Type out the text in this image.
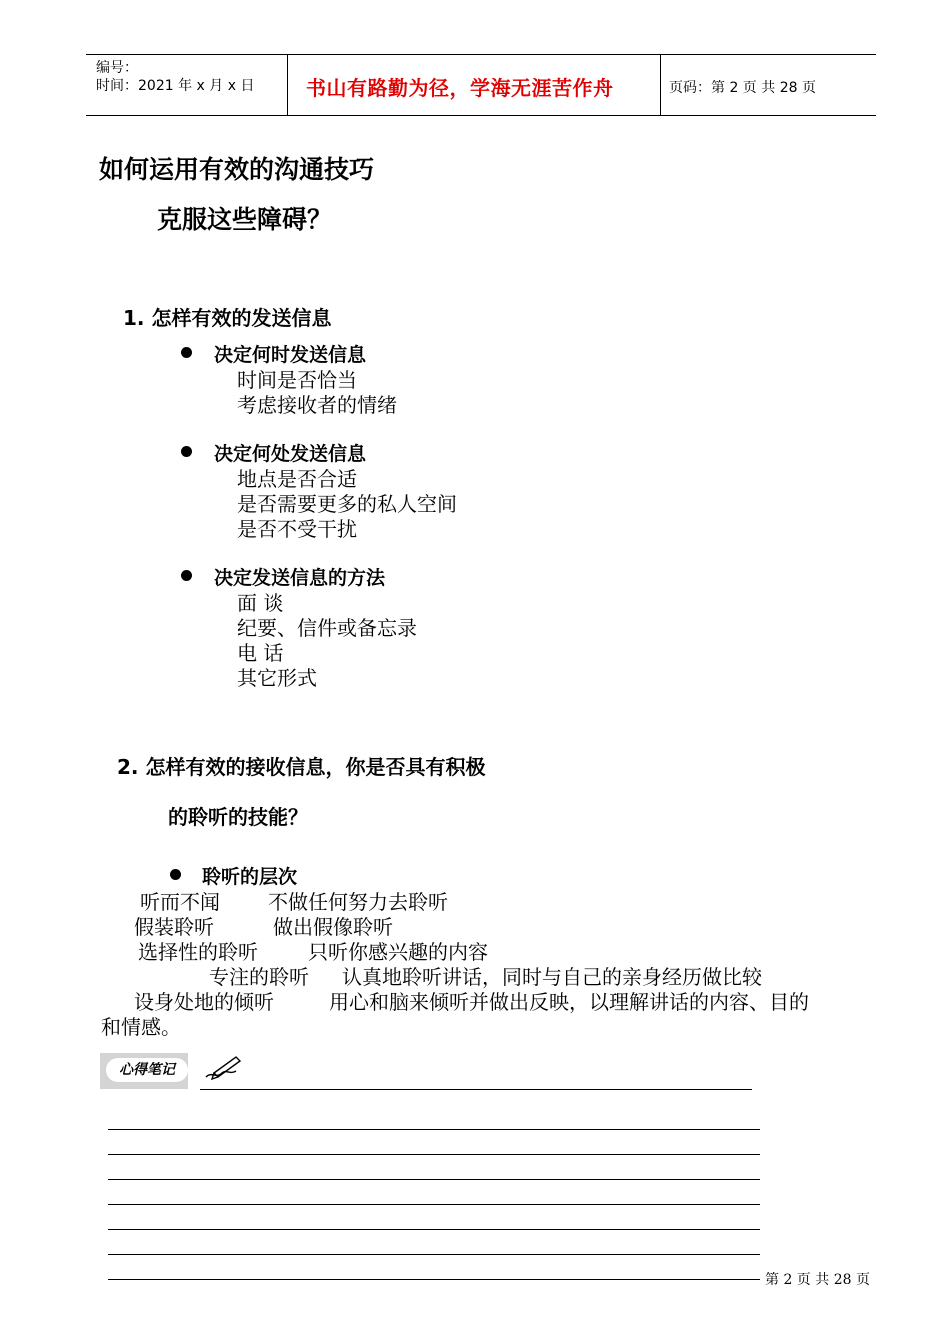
编号：
时间：2021 年 x 月 x 日	书山有路勤为径，学海无涯苦作舟	页码：第 2 页 共 28 页
如何运用有效的沟通技巧
克服这些障碍？
1. 怎样有效的发送信息
决定何时发送信息
时间是否恰当
考虑接收者的情绪
决定何处发送信息
地点是否合适
是否需要更多的私人空间
是否不受干扰
决定发送信息的方法
面 谈
纪要、信件或备忘录
电 话
其它形式
2. 怎样有效的接收信息，你是否具有积极
的聆听的技能？
聆听的层次
听而不闻 不做任何努力去聆听
假装聆听	做出假像聆听
选择性的聆听	只听你感兴趣的内容
专注的聆听 认真地聆听讲话，同时与自己的亲身经历做比较
设身处地的倾听	用心和脑来倾听并做出反映，以理解讲话的内容、目的
和情感。
心得笔记
第 2 页 共 28 页
